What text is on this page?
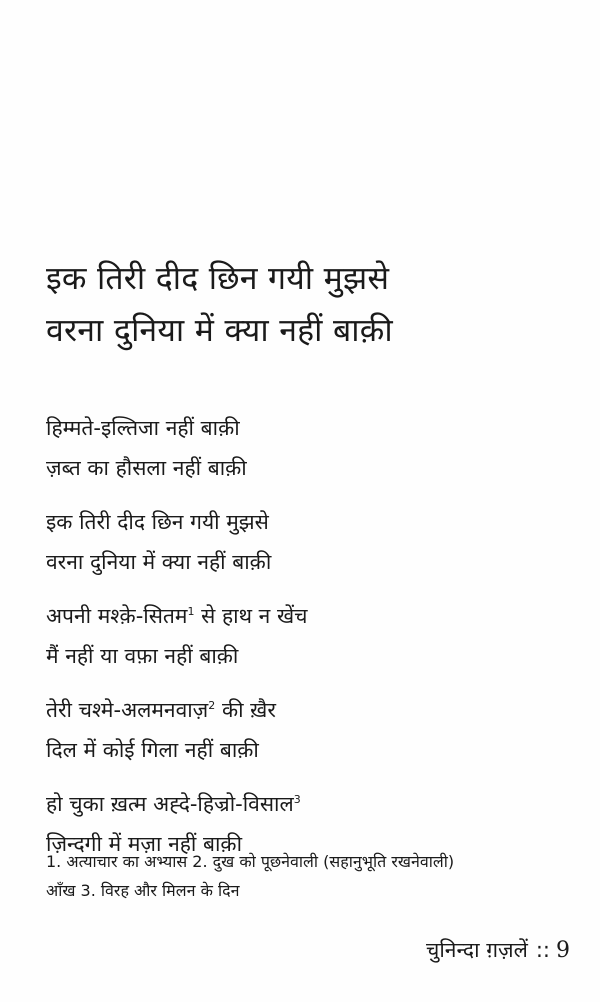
इक तिरी दीद छिन गयी मुझसे
वरना दुनिया में क्या नहीं बाक़ी
हिम्मते-इल्तिजा नहीं बाक़ी
ज़ब्त का हौसला नहीं बाक़ी
इक तिरी दीद छिन गयी मुझसे
वरना दुनिया में क्या नहीं बाक़ी
अपनी मश्क़े-सितम$^1$ से हाथ न खेंच
मैं नहीं या वफ़ा नहीं बाक़ी
तेरी चश्मे-अलमनवाज़$^2$ की ख़ैर
दिल में कोई गिला नहीं बाक़ी
हो चुका ख़त्म अह्दे-हिज्रो-विसाल$^3$
ज़िन्दगी में मज़ा नहीं बाक़ी
1. अत्याचार का अभ्यास 2. दुख को पूछनेवाली (सहानुभूति रखनेवाली)
आँख 3. विरह और मिलन के दिन
चुनिन्दा ग़ज़लें :: 9
